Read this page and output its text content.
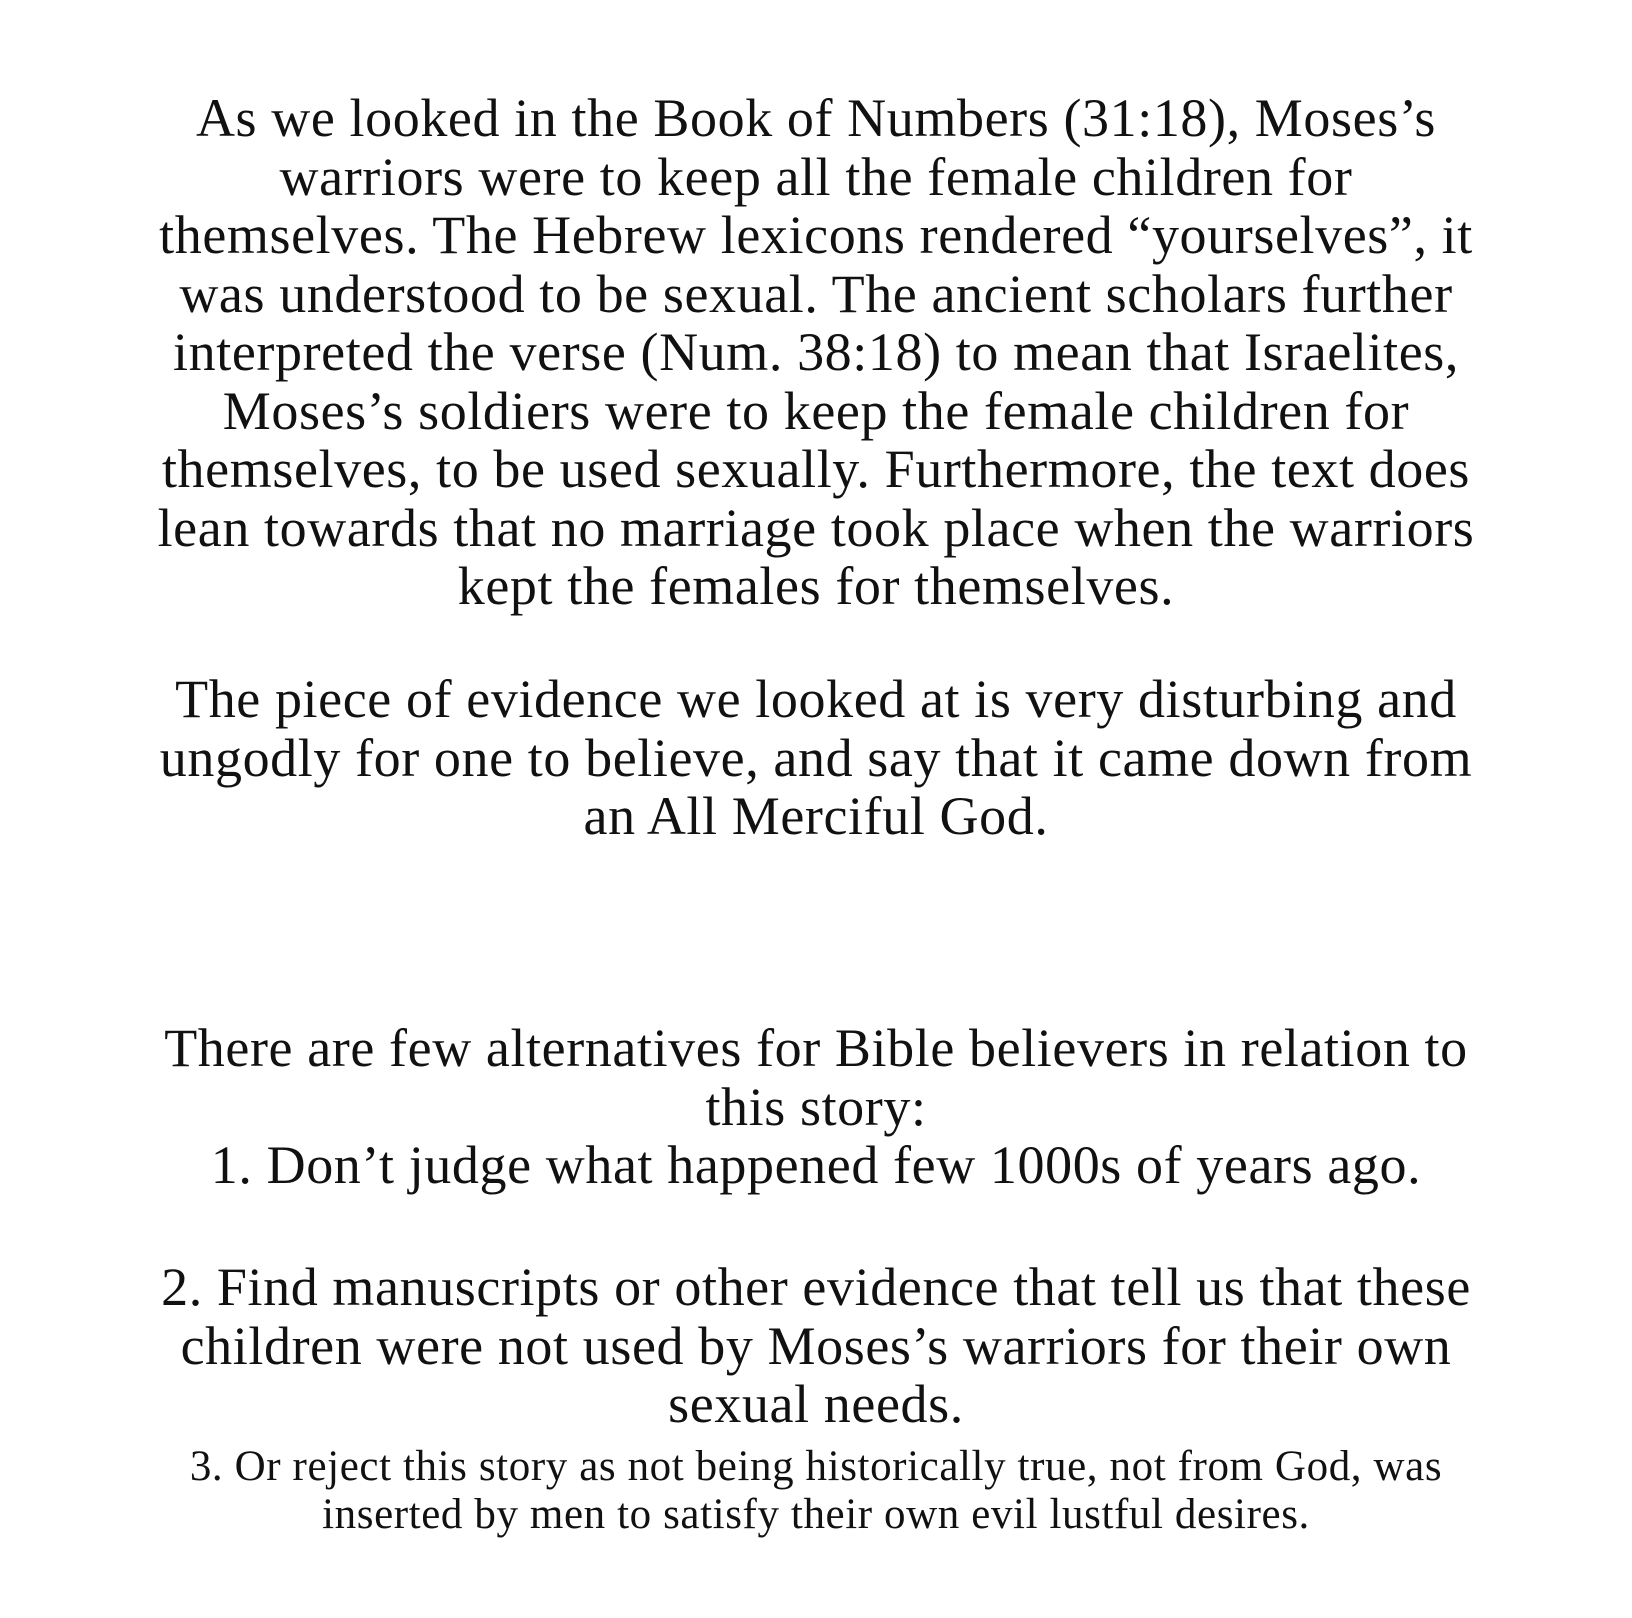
As we looked in the Book of Numbers (31:18), Moses’s
warriors were to keep all the female children for
themselves. The Hebrew lexicons rendered “yourselves”, it
was understood to be sexual. The ancient scholars further
interpreted the verse (Num. 38:18) to mean that Israelites,
Moses’s soldiers were to keep the female children for
themselves, to be used sexually. Furthermore, the text does
lean towards that no marriage took place when the warriors
kept the females for themselves.

The piece of evidence we looked at is very disturbing and
ungodly for one to believe, and say that it came down from
an All Merciful God.

There are few alternatives for Bible believers in relation to
this story:

1. Don’t judge what happened few 1000s of years ago.

2. Find manuscripts or other evidence that tell us that these
children were not used by Moses’s warriors for their own
sexual needs.

3. Or reject this story as not being historically true, not from God, was
inserted by men to satisfy their own evil lustful desires.
